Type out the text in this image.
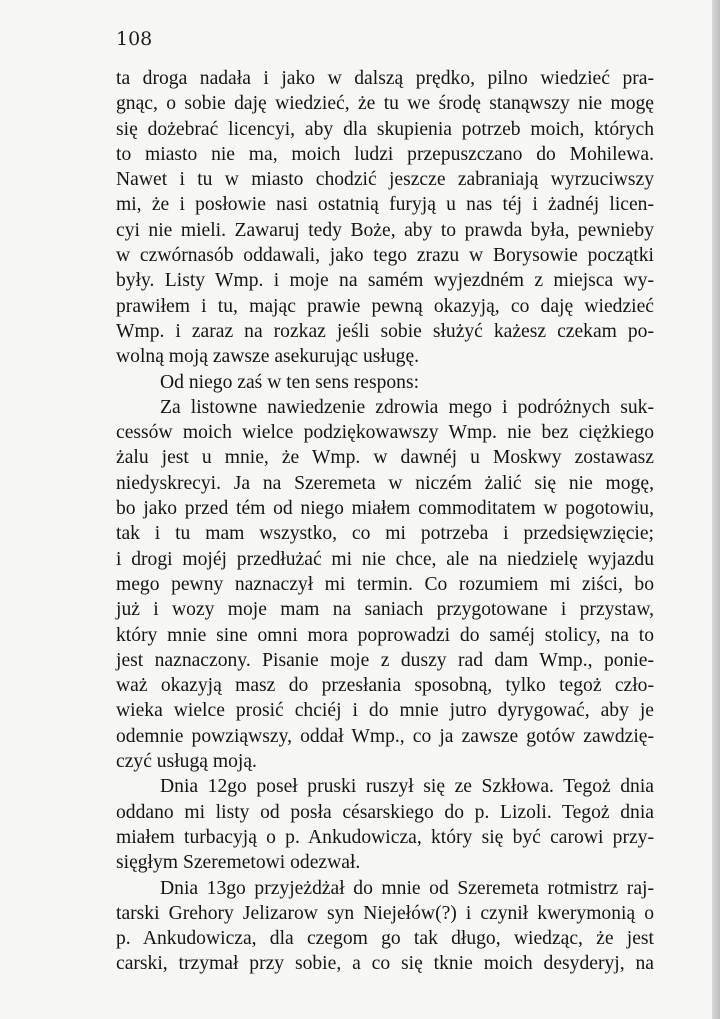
108
ta droga nadała i jako w dalszą prędko, pilno wiedzieć pra-
gnąc, o sobie daję wiedzieć, że tu we środę stanąwszy nie mogę
się dożebrać licencyi, aby dla skupienia potrzeb moich, których
to miasto nie ma, moich ludzi przepuszczano do Mohilewa.
Nawet i tu w miasto chodzić jeszcze zabraniają wyrzuciwszy
mi, że i posłowie nasi ostatnią furyją u nas téj i żadnéj licen-
cyi nie mieli. Zawaruj tedy Boże, aby to prawda była, pewnieby
w czwórnasób oddawali, jako tego zrazu w Borysowie początki
były. Listy Wmp. i moje na samém wyjezdném z miejsca wy-
prawiłem i tu, mając prawie pewną okazyją, co daję wiedzieć
Wmp. i zaraz na rozkaz jeśli sobie służyć każesz czekam po-
wolną moją zawsze asekurując usługę.
Od niego zaś w ten sens respons:
Za listowne nawiedzenie zdrowia mego i podróżnych suk-
cessów moich wielce podziękowawszy Wmp. nie bez ciężkiego
żalu jest u mnie, że Wmp. w dawnéj u Moskwy zostawasz
niedyskrecyi. Ja na Szeremeta w niczém żalić się nie mogę,
bo jako przed tém od niego miałem commoditatem w pogotowiu,
tak i tu mam wszystko, co mi potrzeba i przedsięwzięcie;
i drogi mojéj przedłużać mi nie chce, ale na niedzielę wyjazdu
mego pewny naznaczył mi termin. Co rozumiem mi ziści, bo
już i wozy moje mam na saniach przygotowane i przystaw,
który mnie sine omni mora poprowadzi do saméj stolicy, na to
jest naznaczony. Pisanie moje z duszy rad dam Wmp., ponie-
waż okazyją masz do przesłania sposobną, tylko tegoż czło-
wieka wielce prosić chciéj i do mnie jutro dyrygować, aby je
odemnie powziąwszy, oddał Wmp., co ja zawsze gotów zawdzię-
czyć usługą moją.
Dnia 12go poseł pruski ruszył się ze Szkłowa. Tegoż dnia
oddano mi listy od posła césarskiego do p. Lizoli. Tegoż dnia
miałem turbacyją o p. Ankudowicza, który się być carowi przy-
sięgłym Szeremetowi odezwał.
Dnia 13go przyjeżdżał do mnie od Szeremeta rotmistrz raj-
tarski Grehory Jelizarow syn Niejełów(?) i czynił kwerymonią o
p. Ankudowicza, dla czegom go tak długo, wiedząc, że jest
carski, trzymał przy sobie, a co się tknie moich desyderyj, na
